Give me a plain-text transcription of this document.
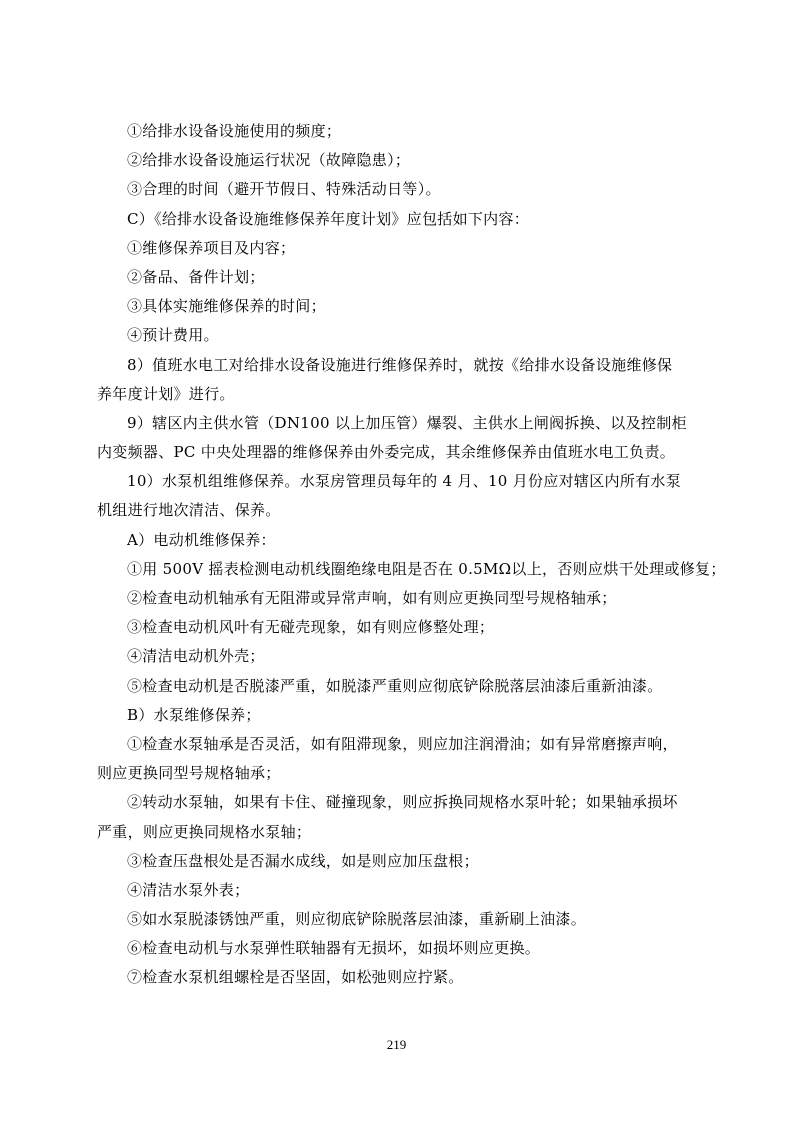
①给排水设备设施使用的频度；
②给排水设备设施运行状况（故障隐患）；
③合理的时间（避开节假日、特殊活动日等）。
C）《给排水设备设施维修保养年度计划》应包括如下内容：
①维修保养项目及内容；
②备品、备件计划；
③具体实施维修保养的时间；
④预计费用。
8）值班水电工对给排水设备设施进行维修保养时，就按《给排水设备设施维修保
养年度计划》进行。
9）辖区内主供水管（DN100 以上加压管）爆裂、主供水上闸阀拆换、以及控制柜
内变频器、PC 中央处理器的维修保养由外委完成，其余维修保养由值班水电工负责。
10）水泵机组维修保养。水泵房管理员每年的 4 月、10 月份应对辖区内所有水泵
机组进行地次清洁、保养。
A）电动机维修保养：
①用 500V 摇表检测电动机线圈绝缘电阻是否在 0.5MΩ以上，否则应烘干处理或修复；
②检查电动机轴承有无阻滞或异常声响，如有则应更换同型号规格轴承；
③检查电动机风叶有无碰壳现象，如有则应修整处理；
④清洁电动机外壳；
⑤检查电动机是否脱漆严重，如脱漆严重则应彻底铲除脱落层油漆后重新油漆。
B）水泵维修保养；
①检查水泵轴承是否灵活，如有阻滞现象，则应加注润滑油；如有异常磨擦声响，
则应更换同型号规格轴承；
②转动水泵轴，如果有卡住、碰撞现象，则应拆换同规格水泵叶轮；如果轴承损坏
严重，则应更换同规格水泵轴；
③检查压盘根处是否漏水成线，如是则应加压盘根；
④清洁水泵外表；
⑤如水泵脱漆锈蚀严重，则应彻底铲除脱落层油漆，重新刷上油漆。
⑥检查电动机与水泵弹性联轴器有无损坏，如损坏则应更换。
⑦检查水泵机组螺栓是否坚固，如松弛则应拧紧。
219
